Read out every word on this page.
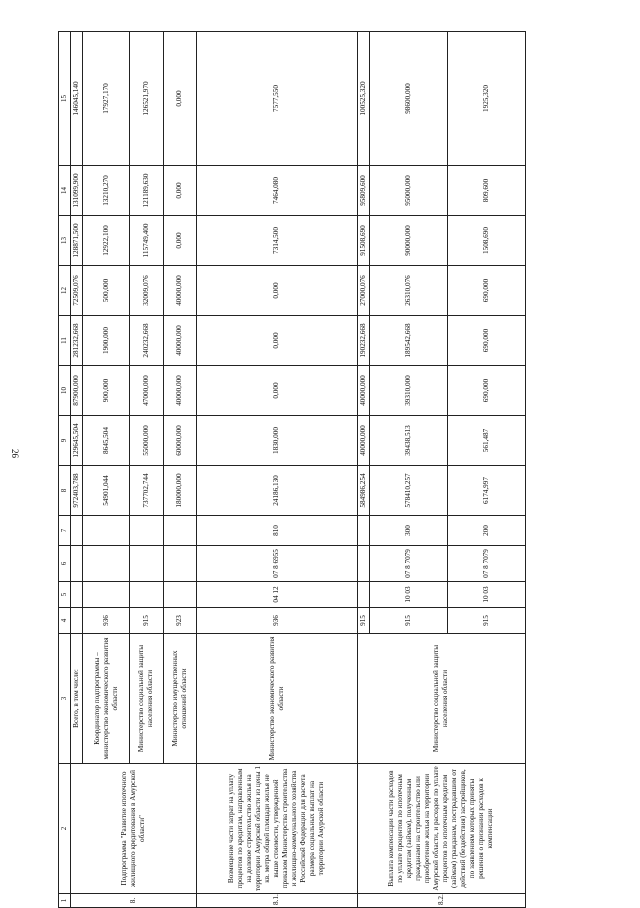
26
1	2	3	4	5	6	7	8	9	10	11	12	13	14	15
8.	Подпрограмма "Развитие ипотечного жилищного кредитования в Амурской области"	Всего, в том числе:					972403,788	129645,504	87900,000	281232,668	72509,076	128871,500	131099,900	146045,140
		Координатор подпрограммы – министерство экономического развития области	936				54901,044	8645,504	900,000	1900,000	500,000	12922,100	13210,270	17927,170
		Министерство социальной защиты населения области	915				737702,744	55000,000	47000,000	240232,668	32009,076	115749,400	121189,630	126521,970
		Министерство имущественных отношений области	923				180000,000	60000,000	40000,000	40000,000	40000,000	0,000	0,000	0,000
8.1.	Возмещение части затрат на уплату процентов по кредитам, направленным на долевое строительство жилья на территории Амурской области из цены 1 кв. метра общей площади жилья не выше стоимости, утвержденной приказом Министерства строительства и жилищно-коммунального хозяйства Российской Федерации для расчета размера социальных выплат на территории Амурской области	Министерство экономического развития области	936	04 12	07 8 6955	810	24186,130	1830,000	0,000	0,000	0,000	7314,500	7464,080	7577,550
8.2.	Выплата компенсации части расходов по уплате процентов по ипотечным кредитам (займам), полученным гражданами на строительство или приобретение жилья на территории Амурской области, и расходов по уплате процентов по ипотечным кредитам (займам) гражданам, пострадавшим от действий (бездействия) застройщиков, по заявлениям которых приняты решения о признании расходов к компенсации	Министерство социальной защиты населения области	915				584986,254	40000,000	40000,000	190232,668	27000,076	91508,690	95809,600	100525,320
			915	10 03	07 8 7079	300	578410,257	39438,513	39310,000	189542,668	26310,076	90000,000	95000,000	98600,000
			915	10 03	07 8 7079	200	6174,997	561,487	690,000	690,000	690,000	1508,690	809,600	1925,320
